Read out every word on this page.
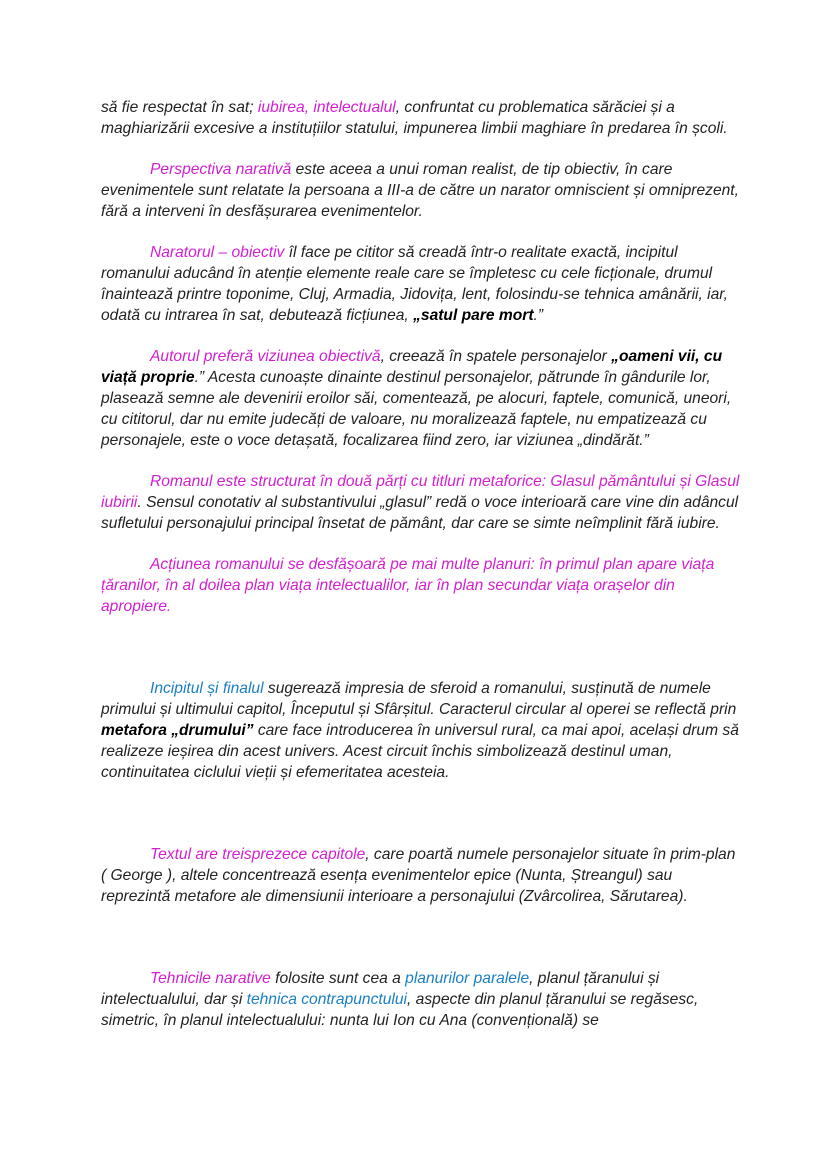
să fie respectat în sat; iubirea, intelectualul, confruntat cu problematica sărăciei și a maghiarizării excesive a instituțiilor statului, impunerea limbii maghiare în predarea în școli.

Perspectiva narativă este aceea a unui roman realist, de tip obiectiv, în care evenimentele sunt relatate la persoana a III-a de către un narator omniscient și omniprezent, fără a interveni în desfășurarea evenimentelor.

Naratorul – obiectiv îl face pe cititor să creadă într-o realitate exactă, incipitul romanului aducând în atenție elemente reale care se împletesc cu cele ficționale, drumul înaintează printre toponime, Cluj, Armadia, Jidovița, lent, folosindu-se tehnica amânării, iar, odată cu intrarea în sat, debutează ficțiunea, „satul pare mort.”

Autorul preferă viziunea obiectivă, creează în spatele personajelor „oameni vii, cu viață proprie.” Acesta cunoaște dinainte destinul personajelor, pătrunde în gândurile lor, plasează semne ale devenirii eroilor săi, comentează, pe alocuri, faptele, comunică, uneori, cu cititorul, dar nu emite judecăți de valoare, nu moralizează faptele, nu empatizează cu personajele, este o voce detașată, focalizarea fiind zero, iar viziunea „dindărăt.”

Romanul este structurat în două părți cu titluri metaforice: Glasul pământului și Glasul iubirii. Sensul conotativ al substantivului „glasul” redă o voce interioară care vine din adâncul sufletului personajului principal însetat de pământ, dar care se simte neîmplinit fără iubire.

Acțiunea romanului se desfășoară pe mai multe planuri: în primul plan apare viața țăranilor, în al doilea plan viața intelectualilor, iar în plan secundar viața orașelor din apropiere.

Incipitul și finalul sugerează impresia de sferoid a romanului, susținută de numele primului și ultimului capitol, Începutul și Sfârșitul. Caracterul circular al operei se reflectă prin metafora „drumului” care face introducerea în universul rural, ca mai apoi, același drum să realizeze ieșirea din acest univers. Acest circuit închis simbolizează destinul uman, continuitatea ciclului vieții și efemeritatea acesteia.

Textul are treisprezece capitole, care poartă numele personajelor situate în prim-plan ( George ), altele concentrează esența evenimentelor epice (Nunta, Ștreangul) sau reprezintă metafore ale dimensiunii interioare a personajului (Zvârcolirea, Sărutarea).

Tehnicile narative folosite sunt cea a planurilor paralele, planul țăranului și intelectualului, dar și tehnica contrapunctului, aspecte din planul țăranului se regăsesc, simetric, în planul intelectualului: nunta lui Ion cu Ana (convențională) se
